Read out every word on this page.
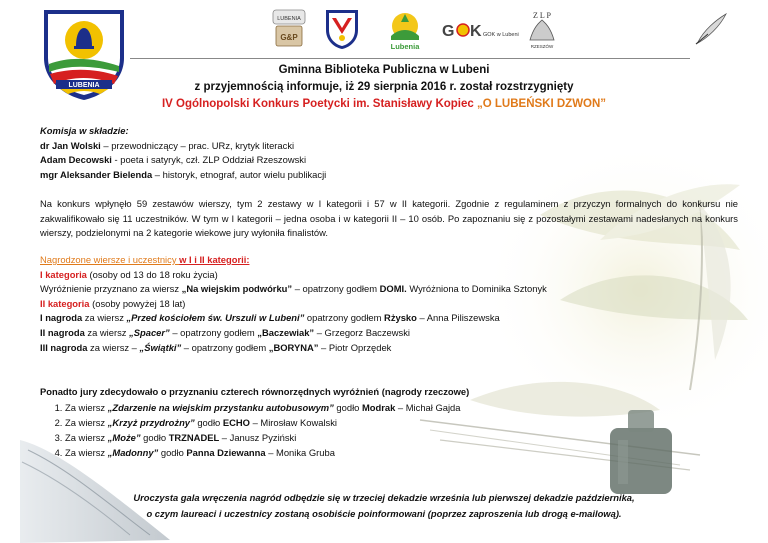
LUBENIA
LUBENIA
G&P
Lubenia
G K GOK w Lubeni
Z L P
RZESZÓW
Gminna Biblioteka Publiczna w Lubeni
z przyjemnością informuje, iż 29 sierpnia 2016 r. został rozstrzygnięty
IV Ogólnopolski Konkurs Poetycki im. Stanisławy Kopiec „O LUBEŃSKI DZWON”
Komisja w składzie:
dr Jan Wolski – przewodniczący – prac. URz, krytyk literacki
Adam Decowski - poeta i satyryk, czł. ZLP Oddział Rzeszowski
mgr Aleksander Bielenda – historyk, etnograf, autor wielu publikacji
Na konkurs wpłynęło 59 zestawów wierszy, tym 2 zestawy w I kategorii i 57 w II kategorii. Zgodnie z regulaminem z przyczyn formalnych do konkursu nie zakwalifikowało się 11 uczestników. W tym w I kategorii – jedna osoba i w kategorii II – 10 osób. Po zapoznaniu się z pozostałymi zestawami nadesłanych na konkurs wierszy, podzielonymi na 2 kategorie wiekowe jury wyłoniła finalistów.
Nagrodzone wiersze i uczestnicy w I i II kategorii:
I kategoria (osoby od 13 do 18 roku życia)
Wyróżnienie przyznano za wiersz „Na wiejskim podwórku” – opatrzony godłem DOMI. Wyróżniona to Dominika Sztonyk
II kategoria (osoby powyżej 18 lat)
I nagroda za wiersz „Przed kościołem św. Urszuli w Lubeni” opatrzony godłem Rżysko – Anna Piliszewska
II nagroda za wiersz „Spacer” – opatrzony godłem „Baczewiak” – Grzegorz Baczewski
III nagroda za wiersz – „Świątki” – opatrzony godłem „BORYNA” – Piotr Oprzędek
Ponadto jury zdecydowało o przyznaniu czterech równorzędnych wyróżnień (nagrody rzeczowe)
1. Za wiersz „Zdarzenie na wiejskim przystanku autobusowym” godło Modrak – Michał Gajda
2. Za wiersz „Krzyż przydrożny” godło ECHO – Mirosław Kowalski
3. Za wiersz „Może” godło TRZNADEL – Janusz Pyziński
4. Za wiersz „Madonny” godło Panna Dziewanna – Monika Gruba
Uroczysta gala wręczenia nagród odbędzie się w trzeciej dekadzie września lub pierwszej dekadzie października,
o czym laureaci i uczestnicy zostaną osobiście poinformowani (poprzez zaproszenia lub drogą e-mailową).
